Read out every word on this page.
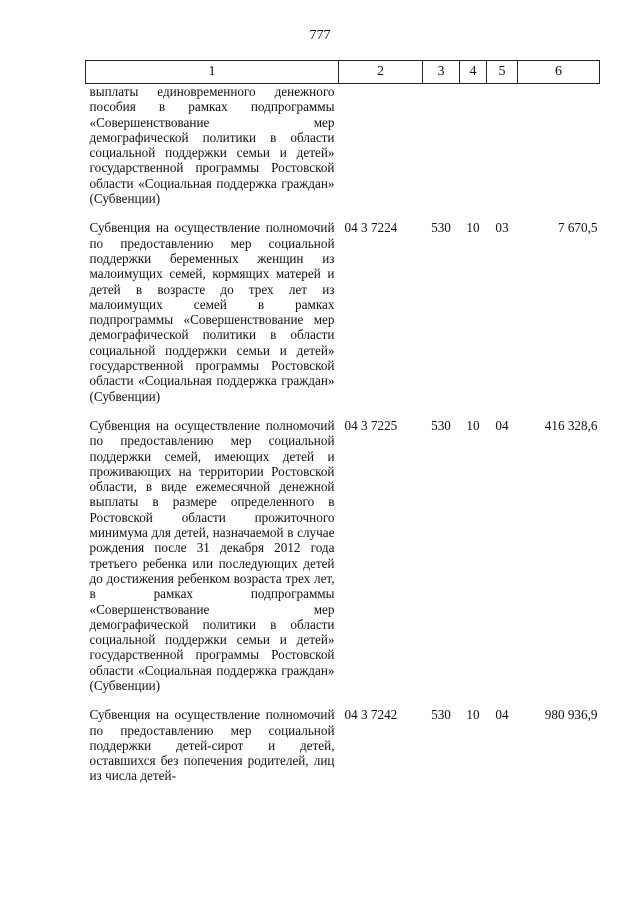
777
1	2	3	4	5	6
выплаты единовременного денежного пособия в рамках подпрограммы «Совершенствование мер демографической политики в области социальной поддержки семьи и детей» государственной программы Ростовской области «Социальная поддержка граждан» (Субвенции)					
Субвенция на осуществление полномочий по предоставлению мер социальной поддержки беременных женщин из малоимущих семей, кормящих матерей и детей в возрасте до трех лет из малоимущих семей в рамках подпрограммы «Совершенствование мер демографической политики в области социальной поддержки семьи и детей» государственной программы Ростовской области «Социальная поддержка граждан» (Субвенции)	04 3 7224	530	10	03	7 670,5
Субвенция на осуществление полномочий по предоставлению мер социальной поддержки семей, имеющих детей и проживающих на территории Ростовской области, в виде ежемесячной денежной выплаты в размере определенного в Ростовской области прожиточного минимума для детей, назначаемой в случае рождения после 31 декабря 2012 года третьего ребенка или последующих детей до достижения ребенком возраста трех лет, в рамках подпрограммы «Совершенствование мер демографической политики в области социальной поддержки семьи и детей» государственной программы Ростовской области «Социальная поддержка граждан» (Субвенции)	04 3 7225	530	10	04	416 328,6
Субвенция на осуществление полномочий по предоставлению мер социальной поддержки детей-сирот и детей, оставшихся без попечения родителей, лиц из числа детей-	04 3 7242	530	10	04	980 936,9
